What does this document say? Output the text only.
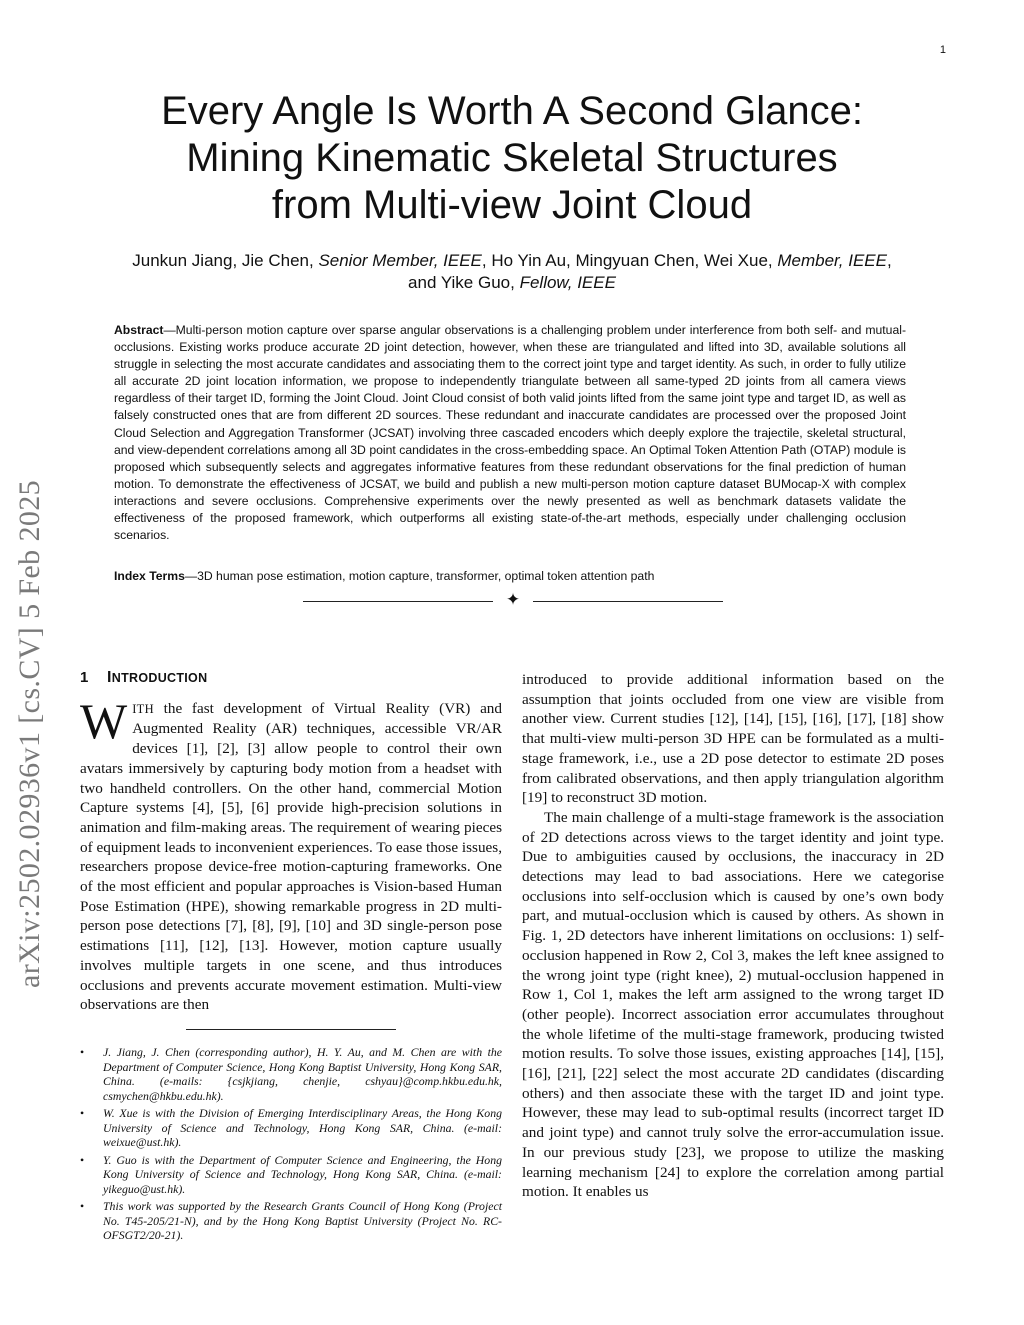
1
arXiv:2502.02936v1 [cs.CV] 5 Feb 2025
Every Angle Is Worth A Second Glance:
Mining Kinematic Skeletal Structures
from Multi-view Joint Cloud
Junkun Jiang, Jie Chen, Senior Member, IEEE, Ho Yin Au, Mingyuan Chen, Wei Xue, Member, IEEE,
and Yike Guo, Fellow, IEEE
Abstract—Multi-person motion capture over sparse angular observations is a challenging problem under interference from both self- and mutual-occlusions. Existing works produce accurate 2D joint detection, however, when these are triangulated and lifted into 3D, available solutions all struggle in selecting the most accurate candidates and associating them to the correct joint type and target identity. As such, in order to fully utilize all accurate 2D joint location information, we propose to independently triangulate between all same-typed 2D joints from all camera views regardless of their target ID, forming the Joint Cloud. Joint Cloud consist of both valid joints lifted from the same joint type and target ID, as well as falsely constructed ones that are from different 2D sources. These redundant and inaccurate candidates are processed over the proposed Joint Cloud Selection and Aggregation Transformer (JCSAT) involving three cascaded encoders which deeply explore the trajectile, skeletal structural, and view-dependent correlations among all 3D point candidates in the cross-embedding space. An Optimal Token Attention Path (OTAP) module is proposed which subsequently selects and aggregates informative features from these redundant observations for the final prediction of human motion. To demonstrate the effectiveness of JCSAT, we build and publish a new multi-person motion capture dataset BUMocap-X with complex interactions and severe occlusions. Comprehensive experiments over the newly presented as well as benchmark datasets validate the effectiveness of the proposed framework, which outperforms all existing state-of-the-art methods, especially under challenging occlusion scenarios.
Index Terms—3D human pose estimation, motion capture, transformer, optimal token attention path
✦
1 INTRODUCTION

WITH the fast development of Virtual Reality (VR) and Augmented Reality (AR) techniques, accessible VR/AR devices [1], [2], [3] allow people to control their own avatars immersively by capturing body motion from a headset with two handheld controllers. On the other hand, commercial Motion Capture systems [4], [5], [6] provide high-precision solutions in animation and film-making areas. The requirement of wearing pieces of equipment leads to inconvenient experiences. To ease those issues, researchers propose device-free motion-capturing frameworks. One of the most efficient and popular approaches is Vision-based Human Pose Estimation (HPE), showing remarkable progress in 2D multi-person pose detections [7], [8], [9], [10] and 3D single-person pose estimations [11], [12], [13]. However, motion capture usually involves multiple targets in one scene, and thus introduces occlusions and prevents accurate movement estimation. Multi-view observations are then

• J. Jiang, J. Chen (corresponding author), H. Y. Au, and M. Chen are with the Department of Computer Science, Hong Kong Baptist University, Hong Kong SAR, China. (e-mails: {csjkjiang, chenjie, cshyau}@comp.hkbu.edu.hk, csmychen@hkbu.edu.hk).
• W. Xue is with the Division of Emerging Interdisciplinary Areas, the Hong Kong University of Science and Technology, Hong Kong SAR, China. (e-mail: weixue@ust.hk).
• Y. Guo is with the Department of Computer Science and Engineering, the Hong Kong University of Science and Technology, Hong Kong SAR, China. (e-mail: yikeguo@ust.hk).
• This work was supported by the Research Grants Council of Hong Kong (Project No. T45-205/21-N), and by the Hong Kong Baptist University (Project No. RC-OFSGT2/20-21).

introduced to provide additional information based on the assumption that joints occluded from one view are visible from another view. Current studies [12], [14], [15], [16], [17], [18] show that multi-view multi-person 3D HPE can be formulated as a multi-stage framework, i.e., use a 2D pose detector to estimate 2D poses from calibrated observations, and then apply triangulation algorithm [19] to reconstruct 3D motion.

The main challenge of a multi-stage framework is the association of 2D detections across views to the target identity and joint type. Due to ambiguities caused by occlusions, the inaccuracy in 2D detections may lead to bad associations. Here we categorise occlusions into self-occlusion which is caused by one’s own body part, and mutual-occlusion which is caused by others. As shown in Fig. 1, 2D detectors have inherent limitations on occlusions: 1) self-occlusion happened in Row 2, Col 3, makes the left knee assigned to the wrong joint type (right knee), 2) mutual-occlusion happened in Row 1, Col 1, makes the left arm assigned to the wrong target ID (other people). Incorrect association error accumulates throughout the whole lifetime of the multi-stage framework, producing twisted motion results. To solve those issues, existing approaches [14], [15], [16], [21], [22] select the most accurate 2D candidates (discarding others) and then associate these with the target ID and joint type. However, these may lead to sub-optimal results (incorrect target ID and joint type) and cannot truly solve the error-accumulation issue. In our previous study [23], we propose to utilize the masking learning mechanism [24] to explore the correlation among partial motion. It enables us
